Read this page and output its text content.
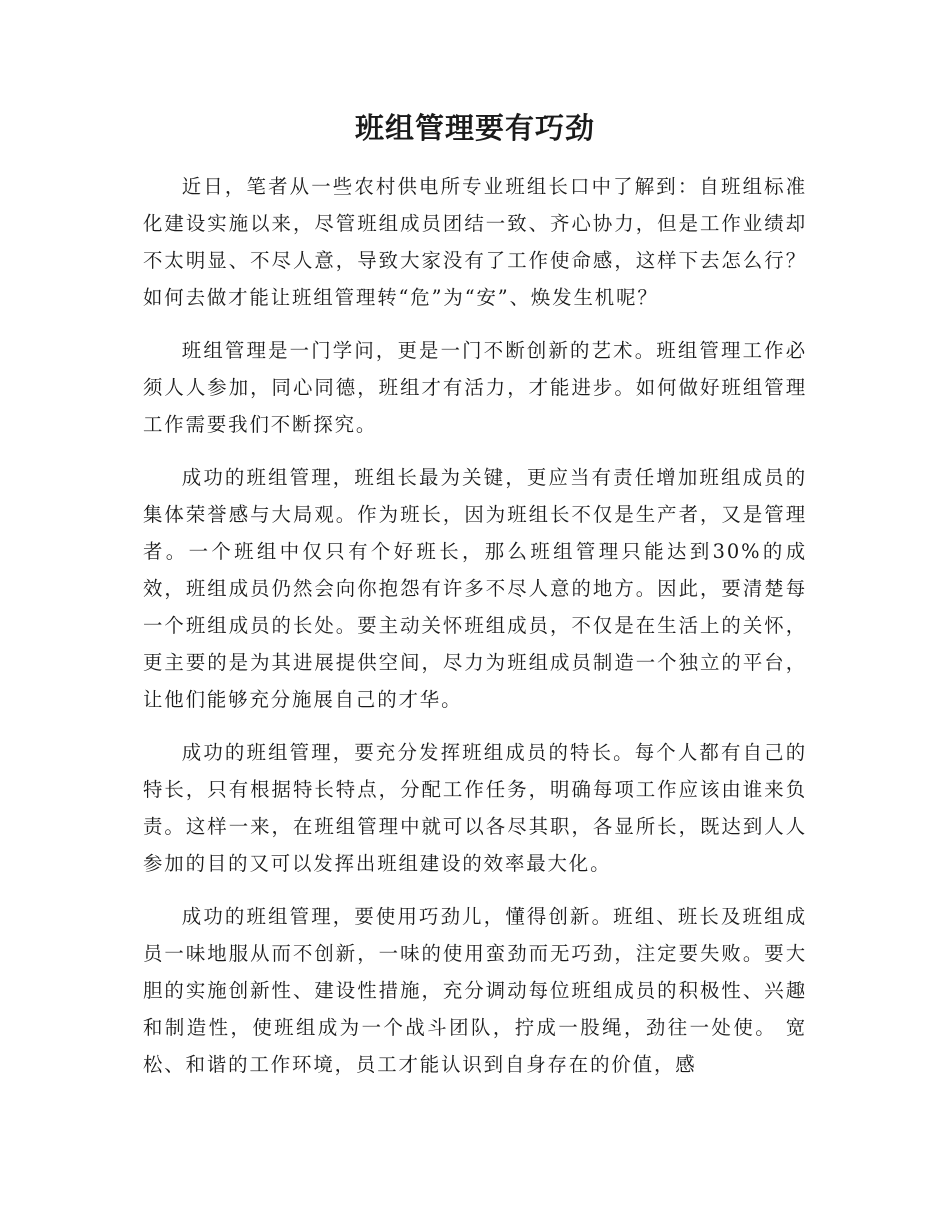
班组管理要有巧劲

近日，笔者从一些农村供电所专业班组长口中了解到：自班组标准化建设实施以来，尽管班组成员团结一致、齐心协力，但是工作业绩却不太明显、不尽人意，导致大家没有了工作使命感，这样下去怎么行？如何去做才能让班组管理转“危”为“安”、焕发生机呢？

班组管理是一门学问，更是一门不断创新的艺术。班组管理工作必须人人参加，同心同德，班组才有活力，才能进步。如何做好班组管理工作需要我们不断探究。

成功的班组管理，班组长最为关键，更应当有责任增加班组成员的集体荣誉感与大局观。作为班长，因为班组长不仅是生产者，又是管理者。一个班组中仅只有个好班长，那么班组管理只能达到30%的成效，班组成员仍然会向你抱怨有许多不尽人意的地方。因此，要清楚每一个班组成员的长处。要主动关怀班组成员，不仅是在生活上的关怀，更主要的是为其进展提供空间，尽力为班组成员制造一个独立的平台，让他们能够充分施展自己的才华。

成功的班组管理，要充分发挥班组成员的特长。每个人都有自己的特长，只有根据特长特点，分配工作任务，明确每项工作应该由谁来负责。这样一来，在班组管理中就可以各尽其职，各显所长，既达到人人参加的目的又可以发挥出班组建设的效率最大化。

成功的班组管理，要使用巧劲儿，懂得创新。班组、班长及班组成员一味地服从而不创新，一味的使用蛮劲而无巧劲，注定要失败。要大胆的实施创新性、建设性措施，充分调动每位班组成员的积极性、兴趣和制造性，使班组成为一个战斗团队，拧成一股绳，劲往一处使。 宽松、和谐的工作环境，员工才能认识到自身存在的价值，感
